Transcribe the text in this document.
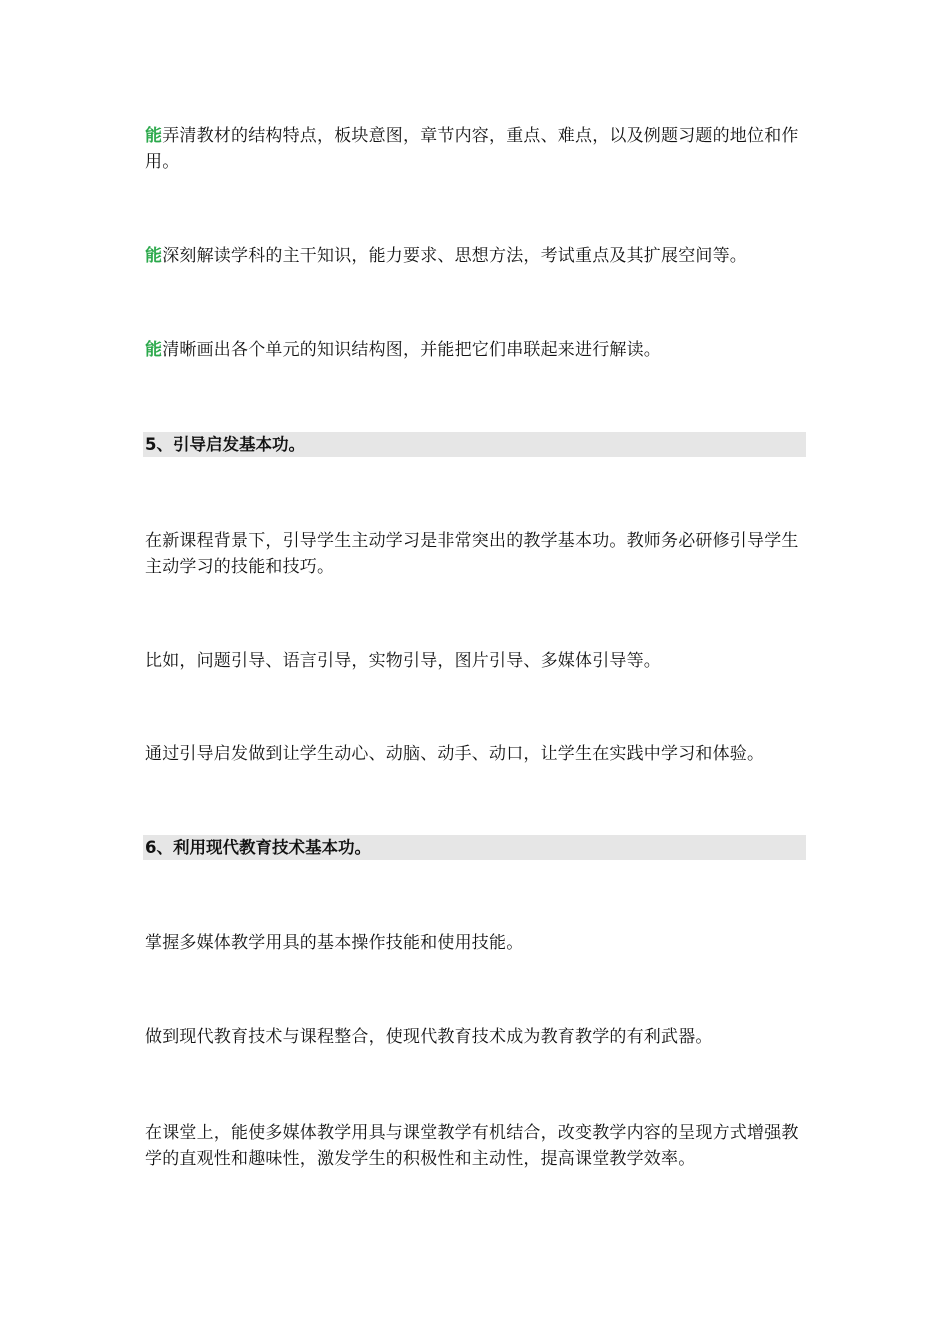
能弄清教材的结构特点，板块意图，章节内容，重点、难点，以及例题习题的地位和作用。

能深刻解读学科的主干知识，能力要求、思想方法，考试重点及其扩展空间等。

能清晰画出各个单元的知识结构图，并能把它们串联起来进行解读。

5、引导启发基本功。

在新课程背景下，引导学生主动学习是非常突出的教学基本功。教师务必研修引导学生主动学习的技能和技巧。

比如，问题引导、语言引导，实物引导，图片引导、多媒体引导等。

通过引导启发做到让学生动心、动脑、动手、动口，让学生在实践中学习和体验。

6、利用现代教育技术基本功。

掌握多媒体教学用具的基本操作技能和使用技能。

做到现代教育技术与课程整合，使现代教育技术成为教育教学的有利武器。

在课堂上，能使多媒体教学用具与课堂教学有机结合，改变教学内容的呈现方式增强教学的直观性和趣味性，激发学生的积极性和主动性，提高课堂教学效率。
